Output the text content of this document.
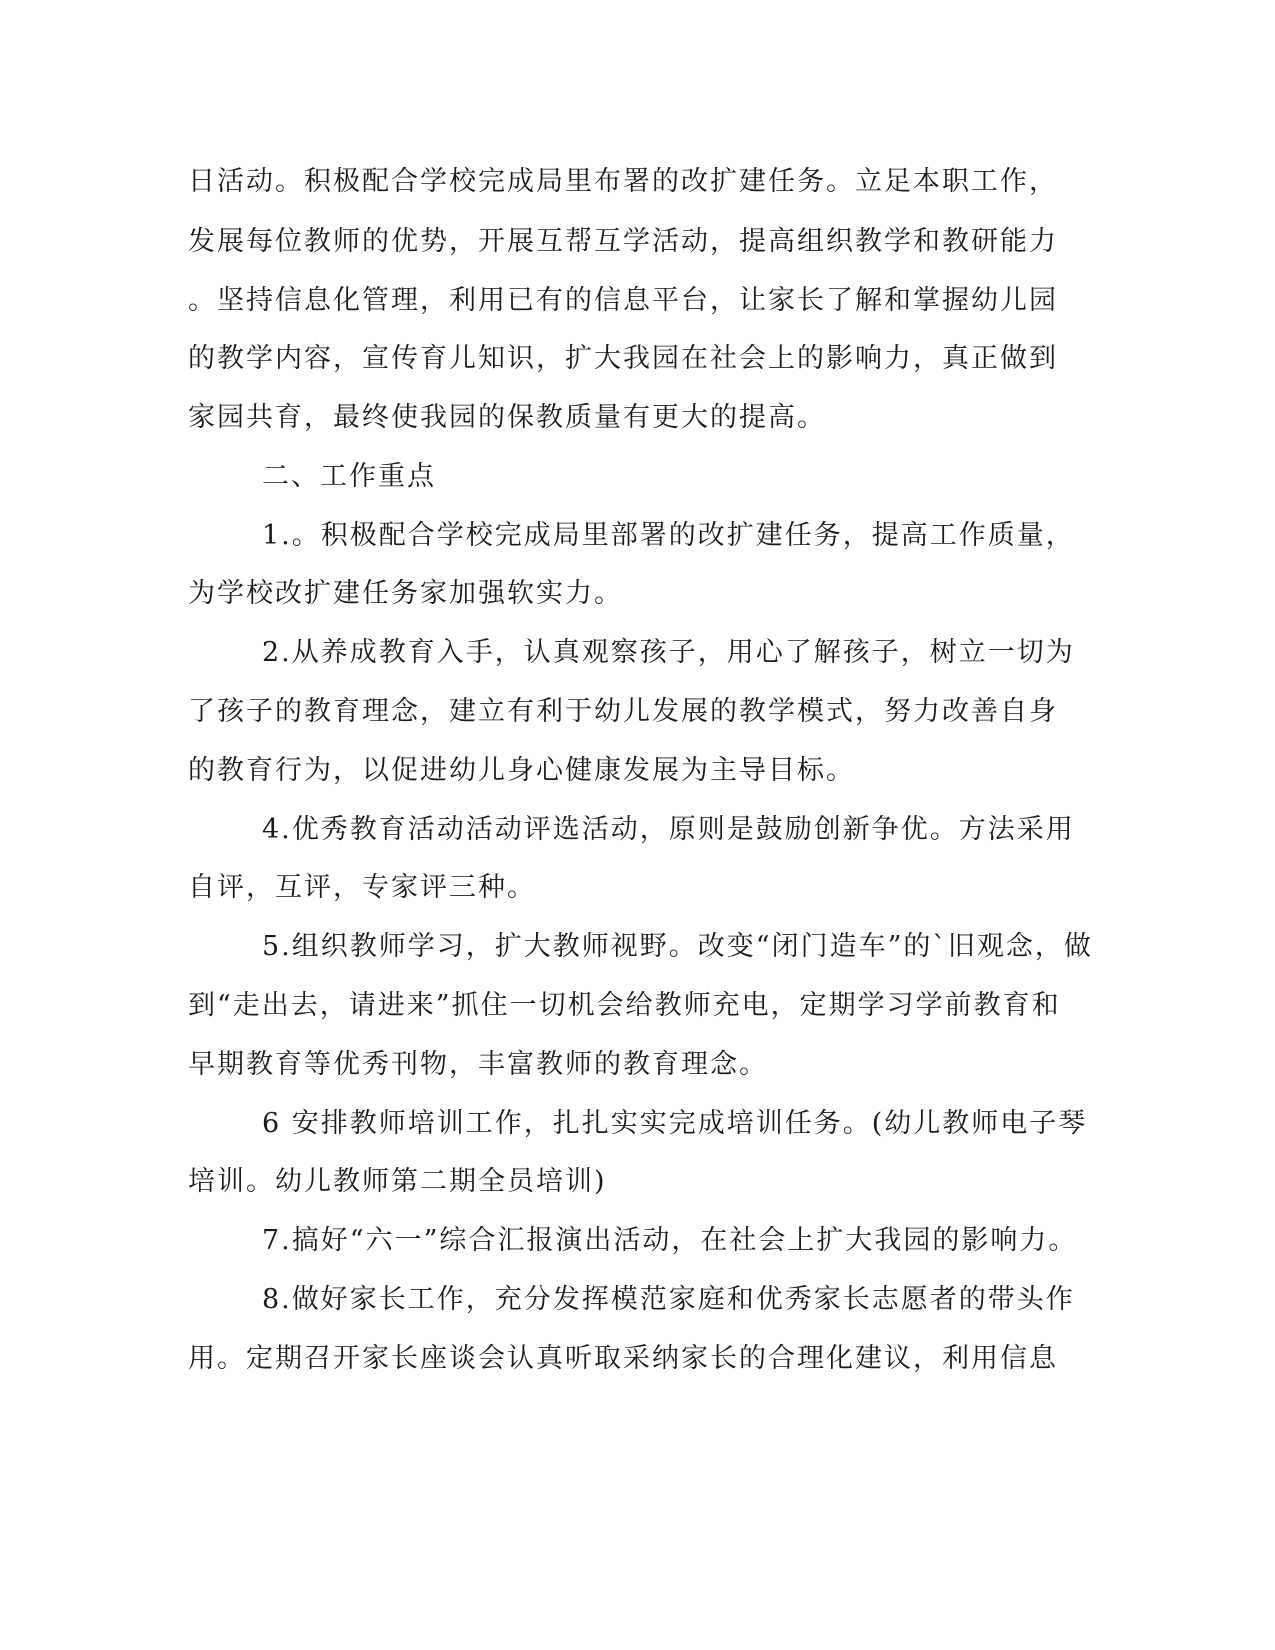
日活动。积极配合学校完成局里布署的改扩建任务。立足本职工作，
发展每位教师的优势，开展互帮互学活动，提高组织教学和教研能力
。坚持信息化管理，利用已有的信息平台，让家长了解和掌握幼儿园
的教学内容，宣传育儿知识，扩大我园在社会上的影响力，真正做到
家园共育，最终使我园的保教质量有更大的提高。
二、工作重点
1.。积极配合学校完成局里部署的改扩建任务，提高工作质量，
为学校改扩建任务家加强软实力。
2.从养成教育入手，认真观察孩子，用心了解孩子，树立一切为
了孩子的教育理念，建立有利于幼儿发展的教学模式，努力改善自身
的教育行为，以促进幼儿身心健康发展为主导目标。
4.优秀教育活动活动评选活动，原则是鼓励创新争优。方法采用
自评，互评，专家评三种。
5.组织教师学习，扩大教师视野。改变“闭门造车”的`旧观念，做
到“走出去，请进来”抓住一切机会给教师充电，定期学习学前教育和
早期教育等优秀刊物，丰富教师的教育理念。
6 安排教师培训工作，扎扎实实完成培训任务。(幼儿教师电子琴
培训。幼儿教师第二期全员培训)
7.搞好“六一”综合汇报演出活动，在社会上扩大我园的影响力。
8.做好家长工作，充分发挥模范家庭和优秀家长志愿者的带头作
用。定期召开家长座谈会认真听取采纳家长的合理化建议，利用信息
